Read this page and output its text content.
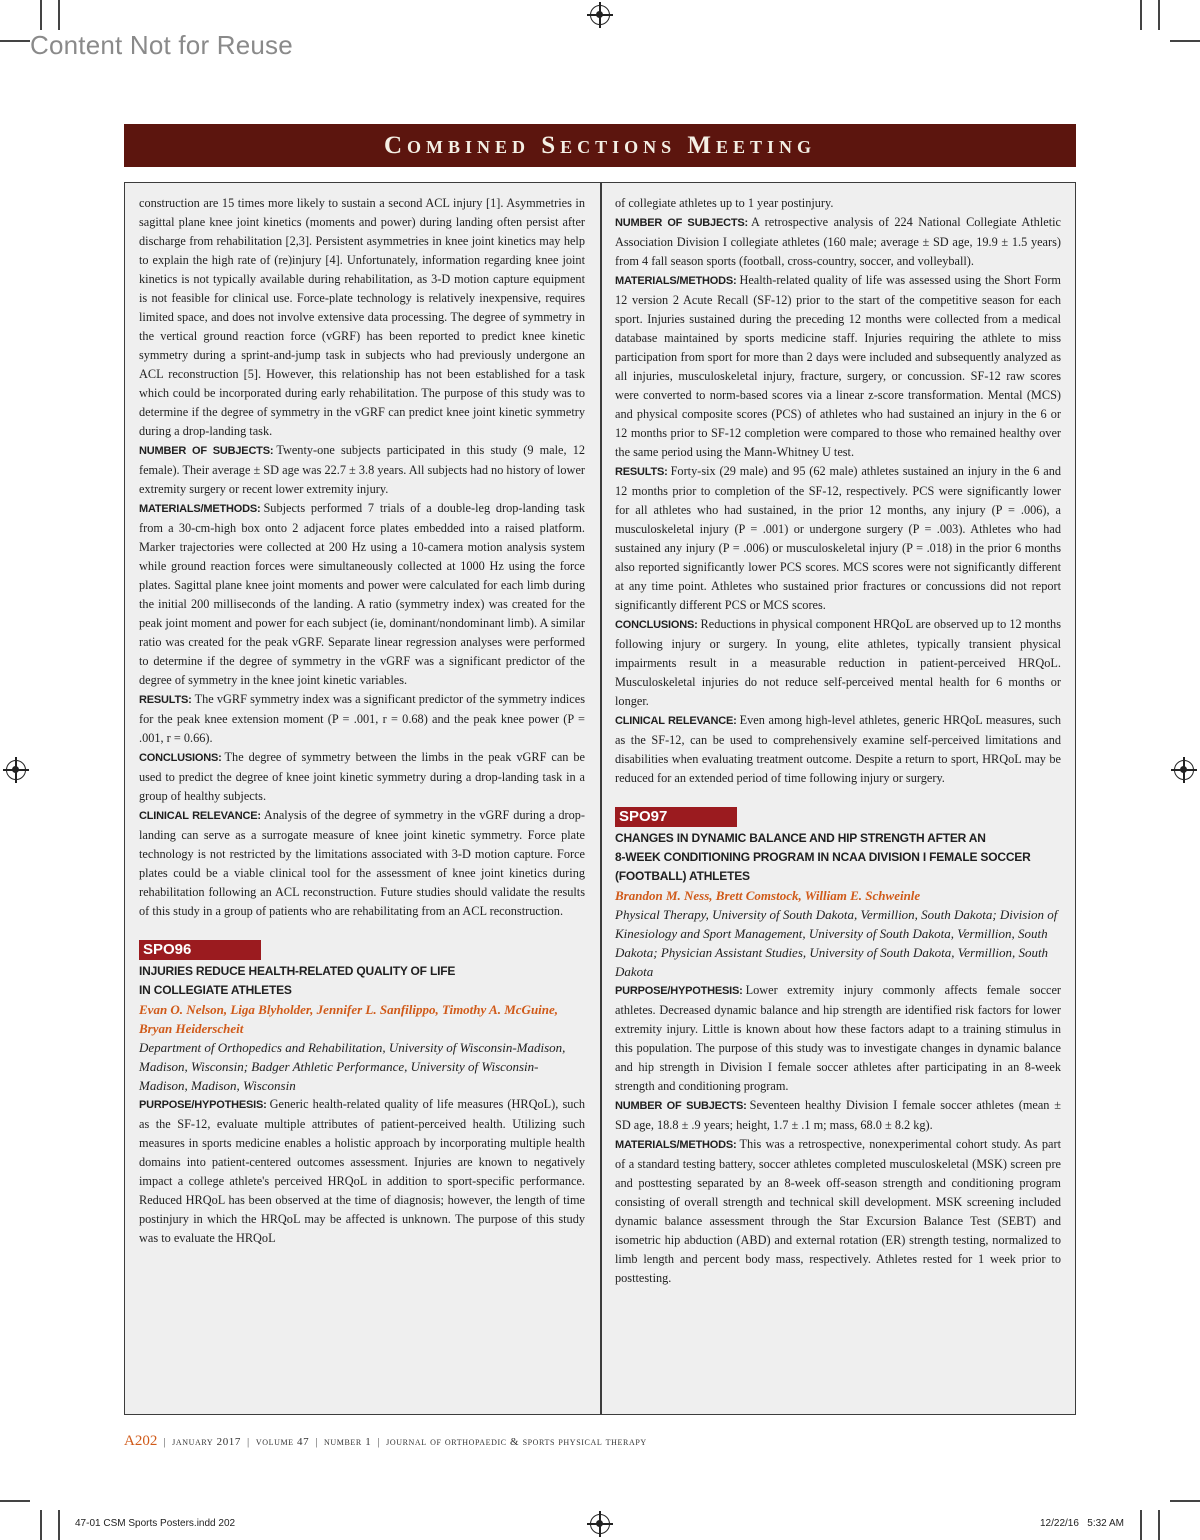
Content Not for Reuse
Combined Sections Meeting

construction are 15 times more likely to sustain a second ACL injury [1]. Asymmetries in sagittal plane knee joint kinetics (moments and power) during landing often persist after discharge from rehabilitation [2,3]. Persistent asymmetries in knee joint kinetics may help to explain the high rate of (re)injury [4]. Unfortunately, information regarding knee joint kinetics is not typically available during rehabilitation, as 3-D motion capture equipment is not feasible for clinical use. Force-plate technology is relatively inexpensive, requires limited space, and does not involve extensive data processing. The degree of symmetry in the vertical ground reaction force (vGRF) has been reported to predict knee kinetic symmetry during a sprint-and-jump task in subjects who had previously undergone an ACL reconstruction [5]. However, this relationship has not been established for a task which could be incorporated during early rehabilitation. The purpose of this study was to determine if the degree of symmetry in the vGRF can predict knee joint kinetic symmetry during a drop-landing task.

NUMBER OF SUBJECTS: Twenty-one subjects participated in this study (9 male, 12 female). Their average ± SD age was 22.7 ± 3.8 years. All subjects had no history of lower extremity surgery or recent lower extremity injury.

MATERIALS/METHODS: Subjects performed 7 trials of a double-leg drop-landing task from a 30-cm-high box onto 2 adjacent force plates embedded into a raised platform. Marker trajectories were collected at 200 Hz using a 10-camera motion analysis system while ground reaction forces were simultaneously collected at 1000 Hz using the force plates. Sagittal plane knee joint moments and power were calculated for each limb during the initial 200 milliseconds of the landing. A ratio (symmetry index) was created for the peak joint moment and power for each subject (ie, dominant/nondominant limb). A similar ratio was created for the peak vGRF. Separate linear regression analyses were performed to determine if the degree of symmetry in the vGRF was a significant predictor of the degree of symmetry in the knee joint kinetic variables.

RESULTS: The vGRF symmetry index was a significant predictor of the symmetry indices for the peak knee extension moment (P = .001, r = 0.68) and the peak knee power (P = .001, r = 0.66).

CONCLUSIONS: The degree of symmetry between the limbs in the peak vGRF can be used to predict the degree of knee joint kinetic symmetry during a drop-landing task in a group of healthy subjects.

CLINICAL RELEVANCE: Analysis of the degree of symmetry in the vGRF during a drop-landing can serve as a surrogate measure of knee joint kinetic symmetry. Force plate technology is not restricted by the limitations associated with 3-D motion capture. Force plates could be a viable clinical tool for the assessment of knee joint kinetics during rehabilitation following an ACL reconstruction. Future studies should validate the results of this study in a group of patients who are rehabilitating from an ACL reconstruction.

SPO96
INJURIES REDUCE HEALTH-RELATED QUALITY OF LIFE
IN COLLEGIATE ATHLETES

Evan O. Nelson, Liga Blyholder, Jennifer L. Sanfilippo, Timothy A. McGuine, Bryan Heiderscheit

Department of Orthopedics and Rehabilitation, University of Wisconsin-Madison, Madison, Wisconsin; Badger Athletic Performance, University of Wisconsin-Madison, Madison, Wisconsin

PURPOSE/HYPOTHESIS: Generic health-related quality of life measures (HRQoL), such as the SF-12, evaluate multiple attributes of patient-perceived health. Utilizing such measures in sports medicine enables a holistic approach by incorporating multiple health domains into patient-centered outcomes assessment. Injuries are known to negatively impact a college athlete's perceived HRQoL in addition to sport-specific performance. Reduced HRQoL has been observed at the time of diagnosis; however, the length of time postinjury in which the HRQoL may be affected is unknown. The purpose of this study was to evaluate the HRQoL

of collegiate athletes up to 1 year postinjury.

NUMBER OF SUBJECTS: A retrospective analysis of 224 National Collegiate Athletic Association Division I collegiate athletes (160 male; average ± SD age, 19.9 ± 1.5 years) from 4 fall season sports (football, cross-country, soccer, and volleyball).

MATERIALS/METHODS: Health-related quality of life was assessed using the Short Form 12 version 2 Acute Recall (SF-12) prior to the start of the competitive season for each sport. Injuries sustained during the preceding 12 months were collected from a medical database maintained by sports medicine staff. Injuries requiring the athlete to miss participation from sport for more than 2 days were included and subsequently analyzed as all injuries, musculoskeletal injury, fracture, surgery, or concussion. SF-12 raw scores were converted to norm-based scores via a linear z-score transformation. Mental (MCS) and physical composite scores (PCS) of athletes who had sustained an injury in the 6 or 12 months prior to SF-12 completion were compared to those who remained healthy over the same period using the Mann-Whitney U test.

RESULTS: Forty-six (29 male) and 95 (62 male) athletes sustained an injury in the 6 and 12 months prior to completion of the SF-12, respectively. PCS were significantly lower for all athletes who had sustained, in the prior 12 months, any injury (P = .006), a musculoskeletal injury (P = .001) or undergone surgery (P = .003). Athletes who had sustained any injury (P = .006) or musculoskeletal injury (P = .018) in the prior 6 months also reported significantly lower PCS scores. MCS scores were not significantly different at any time point. Athletes who sustained prior fractures or concussions did not report significantly different PCS or MCS scores.

CONCLUSIONS: Reductions in physical component HRQoL are observed up to 12 months following injury or surgery. In young, elite athletes, typically transient physical impairments result in a measurable reduction in patient-perceived HRQoL. Musculoskeletal injuries do not reduce self-perceived mental health for 6 months or longer.

CLINICAL RELEVANCE: Even among high-level athletes, generic HRQoL measures, such as the SF-12, can be used to comprehensively examine self-perceived limitations and disabilities when evaluating treatment outcome. Despite a return to sport, HRQoL may be reduced for an extended period of time following injury or surgery.

SPO97
CHANGES IN DYNAMIC BALANCE AND HIP STRENGTH AFTER AN
8-WEEK CONDITIONING PROGRAM IN NCAA DIVISION I FEMALE SOCCER
(FOOTBALL) ATHLETES

Brandon M. Ness, Brett Comstock, William E. Schweinle

Physical Therapy, University of South Dakota, Vermillion, South Dakota; Division of Kinesiology and Sport Management, University of South Dakota, Vermillion, South Dakota; Physician Assistant Studies, University of South Dakota, Vermillion, South Dakota

PURPOSE/HYPOTHESIS: Lower extremity injury commonly affects female soccer athletes. Decreased dynamic balance and hip strength are identified risk factors for lower extremity injury. Little is known about how these factors adapt to a training stimulus in this population. The purpose of this study was to investigate changes in dynamic balance and hip strength in Division I female soccer athletes after participating in an 8-week strength and conditioning program.

NUMBER OF SUBJECTS: Seventeen healthy Division I female soccer athletes (mean ± SD age, 18.8 ± .9 years; height, 1.7 ± .1 m; mass, 68.0 ± 8.2 kg).

MATERIALS/METHODS: This was a retrospective, nonexperimental cohort study. As part of a standard testing battery, soccer athletes completed musculoskeletal (MSK) screen pre and posttesting separated by an 8-week off-season strength and conditioning program consisting of overall strength and technical skill development. MSK screening included dynamic balance assessment through the Star Excursion Balance Test (SEBT) and isometric hip abduction (ABD) and external rotation (ER) strength testing, normalized to limb length and percent body mass, respectively. Athletes rested for 1 week prior to posttesting.

A202 | january 2017 | volume 47 | number 1 | journal of orthopaedic & sports physical therapy
47-01 CSM Sports Posters.indd 202	12/22/16   5:32 AM
